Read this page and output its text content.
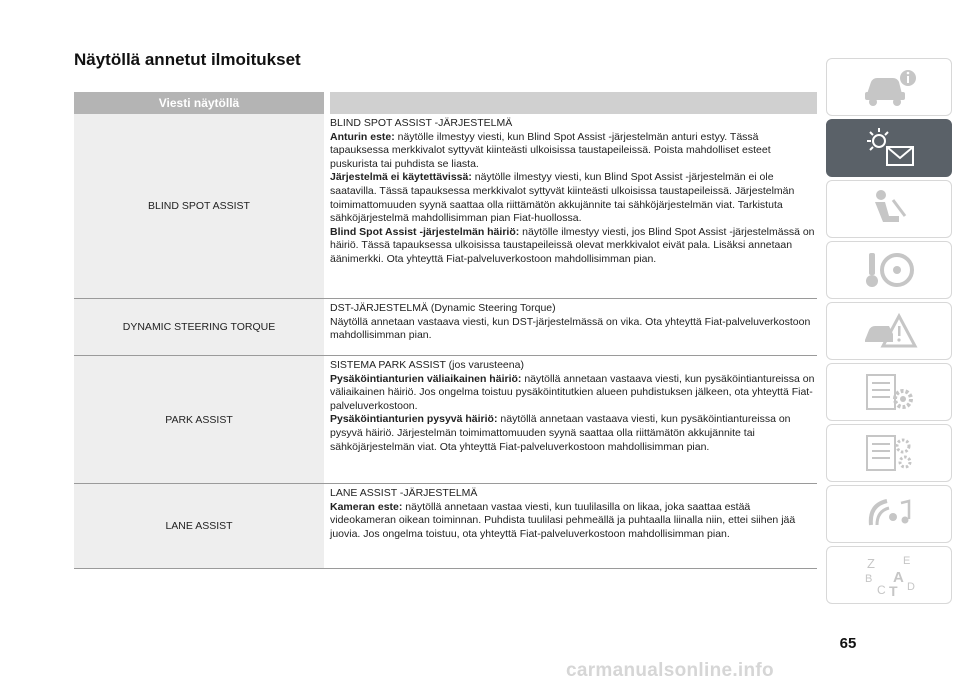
Näytöllä annetut ilmoitukset
Viesti näytöllä
BLIND SPOT ASSIST
BLIND SPOT ASSIST -JÄRJESTELMÄ
Anturin este: näytölle ilmestyy viesti, kun Blind Spot Assist -järjestelmän anturi estyy. Tässä tapauksessa merkkivalot syttyvät kiinteästi ulkoisissa taustapeileissä. Poista mahdolliset esteet puskurista tai puhdista se liasta.
Järjestelmä ei käytettävissä: näytölle ilmestyy viesti, kun Blind Spot Assist -järjestelmän ei ole saatavilla. Tässä tapauksessa merkkivalot syttyvät kiinteästi ulkoisissa taustapeileissä. Järjestelmän toimimattomuuden syynä saattaa olla riittämätön akkujännite tai sähköjärjestelmän viat. Tarkistuta sähköjärjestelmä mahdollisimman pian Fiat-huollossa.
Blind Spot Assist -järjestelmän häiriö: näytölle ilmestyy viesti, jos Blind Spot Assist -järjestelmässä on häiriö. Tässä tapauksessa ulkoisissa taustapeileissä olevat merkkivalot eivät pala. Lisäksi annetaan äänimerkki. Ota yhteyttä Fiat-palveluverkostoon mahdollisimman pian.
DYNAMIC STEERING TORQUE
DST-JÄRJESTELMÄ (Dynamic Steering Torque)
Näytöllä annetaan vastaava viesti, kun DST-järjestelmässä on vika. Ota yhteyttä Fiat-palveluverkostoon mahdollisimman pian.
PARK ASSIST
SISTEMA PARK ASSIST (jos varusteena)
Pysäköintianturien väliaikainen häiriö: näytöllä annetaan vastaava viesti, kun pysäköintiantureissa on väliaikainen häiriö. Jos ongelma toistuu pysäköintitutkien alueen puhdistuksen jälkeen, ota yhteyttä Fiat-palveluverkostoon.
Pysäköintianturien pysyvä häiriö: näytöllä annetaan vastaava viesti, kun pysäköintiantureissa on pysyvä häiriö. Järjestelmän toimimattomuuden syynä saattaa olla riittämätön akkujännite tai sähköjärjestelmän viat. Ota yhteyttä Fiat-palveluverkostoon mahdollisimman pian.
LANE ASSIST
LANE ASSIST -JÄRJESTELMÄ
Kameran este: näytöllä annetaan vastaa viesti, kun tuulilasilla on likaa, joka saattaa estää videokameran oikean toiminnan. Puhdista tuulilasi pehmeällä ja puhtaalla liinalla niin, ettei siihen jää juovia. Jos ongelma toistuu, ota yhteyttä Fiat-palveluverkostoon mahdollisimman pian.
Z	E
B A
C T D
65
carmanualsonline.info
